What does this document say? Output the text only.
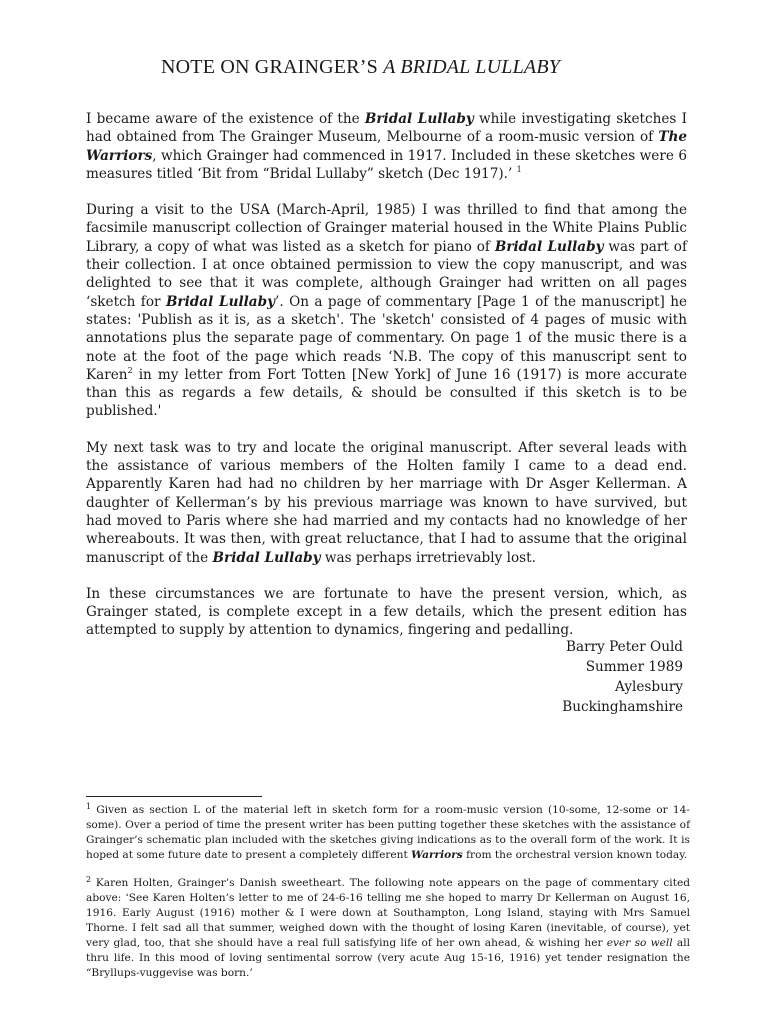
NOTE ON GRAINGER’S A BRIDAL LULLABY

I became aware of the existence of the Bridal Lullaby while investigating sketches I had obtained from The Grainger Museum, Melbourne of a room-music version of The Warriors, which Grainger had commenced in 1917. Included in these sketches were 6 measures titled ‘Bit from “Bridal Lullaby” sketch (Dec 1917).’ $^1$

During a visit to the USA (March-April, 1985) I was thrilled to find that among the facsimile manuscript collection of Grainger material housed in the White Plains Public Library, a copy of what was listed as a sketch for piano of Bridal Lullaby was part of their collection. I at once obtained permission to view the copy manuscript, and was delighted to see that it was complete, although Grainger had written on all pages ‘sketch for Bridal Lullaby’. On a page of commentary [Page 1 of the manuscript] he states: 'Publish as it is, as a sketch'. The 'sketch' consisted of 4 pages of music with annotations plus the separate page of commentary. On page 1 of the music there is a note at the foot of the page which reads ‘N.B. The copy of this manuscript sent to Karen$^2$ in my letter from Fort Totten [New York] of June 16 (1917) is more accurate than this as regards a few details, & should be consulted if this sketch is to be published.'

My next task was to try and locate the original manuscript. After several leads with the assistance of various members of the Holten family I came to a dead end. Apparently Karen had had no children by her marriage with Dr Asger Kellerman. A daughter of Kellerman’s by his previous marriage was known to have survived, but had moved to Paris where she had married and my contacts had no knowledge of her whereabouts. It was then, with great reluctance, that I had to assume that the original manuscript of the Bridal Lullaby was perhaps irretrievably lost.

In these circumstances we are fortunate to have the present version, which, as Grainger stated, is complete except in a few details, which the present edition has attempted to supply by attention to dynamics, fingering and pedalling.

Barry Peter Ould
Summer 1989
Aylesbury
Buckinghamshire

$^1$ Given as section L of the material left in sketch form for a room-music version (10-some, 12-some or 14-some). Over a period of time the present writer has been putting together these sketches with the assistance of Grainger’s schematic plan included with the sketches giving indications as to the overall form of the work. It is hoped at some future date to present a completely different Warriors from the orchestral version known today.

$^2$ Karen Holten, Grainger’s Danish sweetheart. The following note appears on the page of commentary cited above: ‘See Karen Holten’s letter to me of 24-6-16 telling me she hoped to marry Dr Kellerman on August 16, 1916. Early August (1916) mother & I were down at Southampton, Long Island, staying with Mrs Samuel Thorne. I felt sad all that summer, weighed down with the thought of losing Karen (inevitable, of course), yet very glad, too, that she should have a real full satisfying life of her own ahead, & wishing her ever so well all thru life. In this mood of loving sentimental sorrow (very acute Aug 15-16, 1916) yet tender resignation the “Bryllups-vuggevise was born.’
